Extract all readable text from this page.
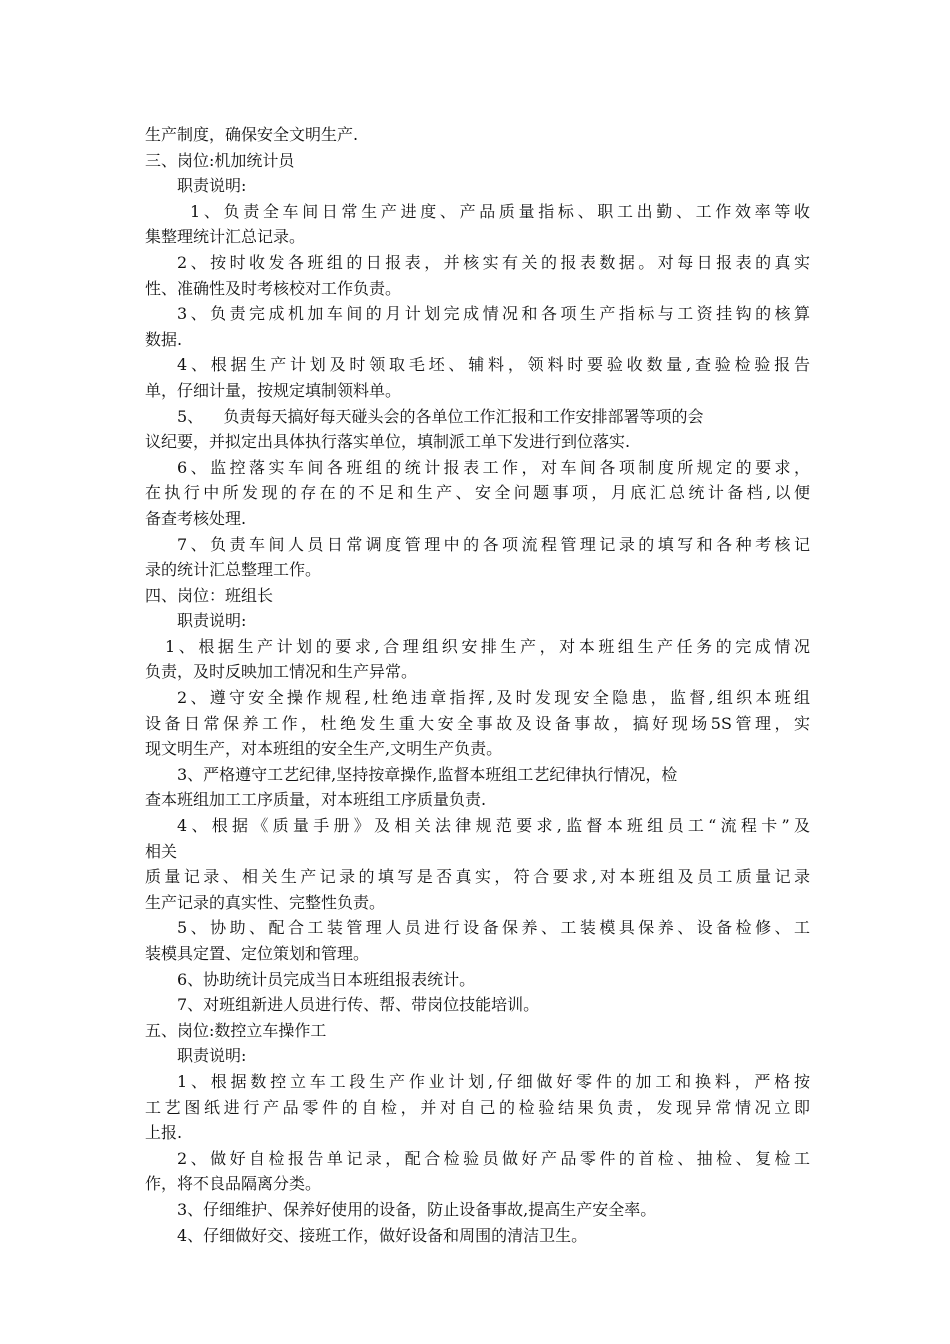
生产制度，确保安全文明生产.
三、岗位:机加统计员
职责说明:
1、负责全车间日常生产进度、产品质量指标、职工出勤、工作效率等收
集整理统计汇总记录。
2、按时收发各班组的日报表，并核实有关的报表数据。对每日报表的真实
性、准确性及时考核校对工作负责。
3、负责完成机加车间的月计划完成情况和各项生产指标与工资挂钩的核算
数据.
4、根据生产计划及时领取毛坯、辅料，领料时要验收数量,查验检验报告
单，仔细计量，按规定填制领料单。
5、    负责每天搞好每天碰头会的各单位工作汇报和工作安排部署等项的会
议纪要，并拟定出具体执行落实单位，填制派工单下发进行到位落实.
6、监控落实车间各班组的统计报表工作，对车间各项制度所规定的要求，
在执行中所发现的存在的不足和生产、安全问题事项，月底汇总统计备档,以便
备查考核处理.
7、负责车间人员日常调度管理中的各项流程管理记录的填写和各种考核记
录的统计汇总整理工作。
四、岗位：班组长
职责说明:
1、根据生产计划的要求,合理组织安排生产，对本班组生产任务的完成情况
负责，及时反映加工情况和生产异常。
2、遵守安全操作规程,杜绝违章指挥,及时发现安全隐患，监督,组织本班组
设备日常保养工作，杜绝发生重大安全事故及设备事故，搞好现场5S管理，实
现文明生产，对本班组的安全生产,文明生产负责。
3、严格遵守工艺纪律,坚持按章操作,监督本班组工艺纪律执行情况，检
查本班组加工工序质量，对本班组工序质量负责.
4、根据《质量手册》及相关法律规范要求,监督本班组员工“流程卡”及
相关
质量记录、相关生产记录的填写是否真实，符合要求,对本班组及员工质量记录
生产记录的真实性、完整性负责。
5、协助、配合工装管理人员进行设备保养、工装模具保养、设备检修、工
装模具定置、定位策划和管理。
6、协助统计员完成当日本班组报表统计。
7、对班组新进人员进行传、帮、带岗位技能培训。
五、岗位:数控立车操作工
职责说明:
1、根据数控立车工段生产作业计划,仔细做好零件的加工和换料，严格按
工艺图纸进行产品零件的自检，并对自己的检验结果负责，发现异常情况立即
上报.
2、做好自检报告单记录，配合检验员做好产品零件的首检、抽检、复检工
作，将不良品隔离分类。
3、仔细维护、保养好使用的设备，防止设备事故,提高生产安全率。
4、仔细做好交、接班工作，做好设备和周围的清洁卫生。
